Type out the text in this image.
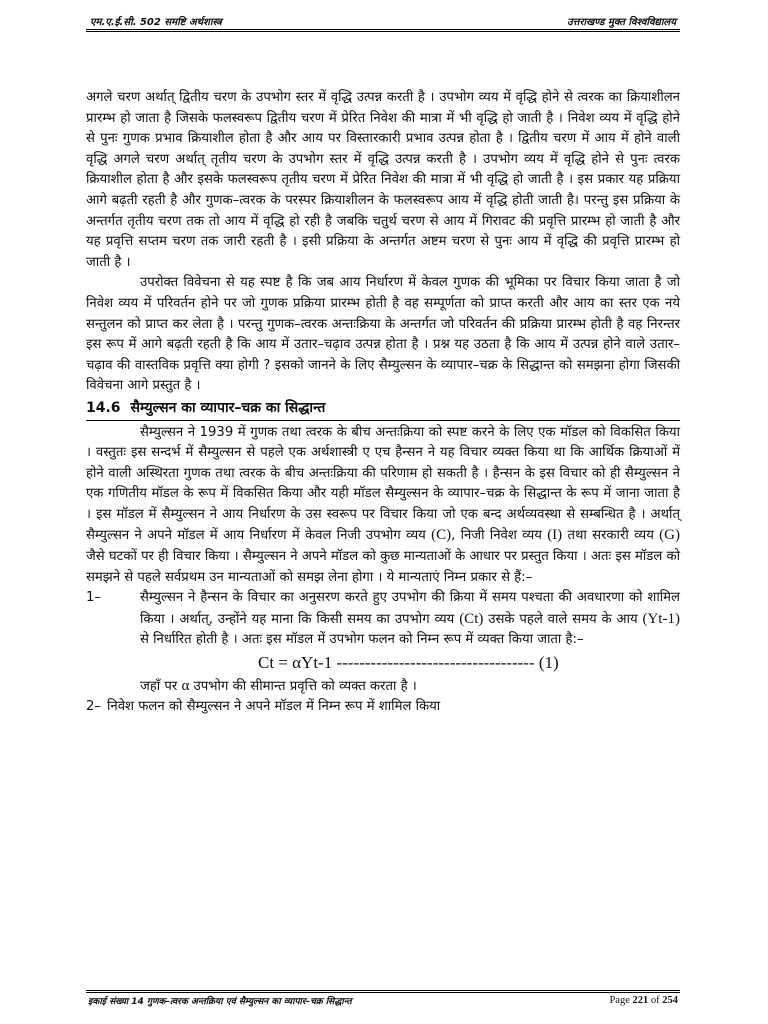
एम.ए.ई.सी. 502 समष्टि अर्थशास्त्र	उत्तराखण्ड मुक्त विश्वविद्यालय

अगले चरण अर्थात् द्वितीय चरण के उपभोग स्तर में वृद्धि उत्पन्न करती है । उपभोग व्यय में वृद्धि होने से त्वरक का क्रियाशीलन प्रारम्भ हो जाता है जिसके फलस्वरूप द्वितीय चरण में प्रेरित निवेश की मात्रा में भी वृद्धि हो जाती है । निवेश व्यय में वृद्धि होने से पुनः गुणक प्रभाव क्रियाशील होता है और आय पर विस्तारकारी प्रभाव उत्पन्न होता है । द्वितीय चरण में आय में होने वाली वृद्धि अगले चरण अर्थात् तृतीय चरण के उपभोग स्तर में वृद्धि उत्पन्न करती है । उपभोग व्यय में वृद्धि होने से पुनः त्वरक क्रियाशील होता है और इसके फलस्वरूप तृतीय चरण में प्रेरित निवेश की मात्रा में भी वृद्धि हो जाती है । इस प्रकार यह प्रक्रिया आगे बढ़ती रहती है और गुणक–त्वरक के परस्पर क्रियाशीलन के फलस्वरूप आय में वृद्धि होती जाती है। परन्तु इस प्रक्रिया के अन्तर्गत तृतीय चरण तक तो आय में वृद्धि हो रही है जबकि चतुर्थ चरण से आय में गिरावट की प्रवृत्ति प्रारम्भ हो जाती है और यह प्रवृत्ति सप्तम चरण तक जारी रहती है । इसी प्रक्रिया के अन्तर्गत अष्टम चरण से पुनः आय में वृद्धि की प्रवृत्ति प्रारम्भ हो जाती है ।

उपरोक्त विवेचना से यह स्पष्ट है कि जब आय निर्धारण में केवल गुणक की भूमिका पर विचार किया जाता है जो निवेश व्यय में परिवर्तन होने पर जो गुणक प्रक्रिया प्रारम्भ होती है वह सम्पूर्णता को प्राप्त करती और आय का स्तर एक नये सन्तुलन को प्राप्त कर लेता है । परन्तु गुणक–त्वरक अन्तःक्रिया के अन्तर्गत जो परिवर्तन की प्रक्रिया प्रारम्भ होती है वह निरन्तर इस रूप में आगे बढ़ती रहती है कि आय में उतार–चढ़ाव उत्पन्न होता है । प्रश्न यह उठता है कि आय में उत्पन्न होने वाले उतार–चढ़ाव की वास्तविक प्रवृत्ति क्या होगी ? इसको जानने के लिए सैम्युल्सन के व्यापार–चक्र के सिद्धान्त को समझना होगा जिसकी विवेचना आगे प्रस्तुत है ।

14.6 सैम्युल्सन का व्यापार–चक्र का सिद्धान्त

सैम्युल्सन ने 1939 में गुणक तथा त्वरक के बीच अन्तःक्रिया को स्पष्ट करने के लिए एक मॉडल को विकसित किया । वस्तुतः इस सन्दर्भ में सैम्युल्सन से पहले एक अर्थशास्त्री ए एच हैन्सन ने यह विचार व्यक्त किया था कि आर्थिक क्रियाओं में होने वाली अस्थिरता गुणक तथा त्वरक के बीच अन्तःक्रिया की परिणाम हो सकती है । हैन्सन के इस विचार को ही सैम्युल्सन ने एक गणितीय मॉडल के रूप में विकसित किया और यही मॉडल सैम्युल्सन के व्यापार–चक्र के सिद्धान्त के रूप में जाना जाता है । इस मॉडल में सैम्युल्सन ने आय निर्धारण के उस स्वरूप पर विचार किया जो एक बन्द अर्थव्यवस्था से सम्बन्धित है । अर्थात् सैम्युल्सन ने अपने मॉडल में आय निर्धारण में केवल निजी उपभोग व्यय (C), निजी निवेश व्यय (I) तथा सरकारी व्यय (G) जैसे घटकों पर ही विचार किया । सैम्युल्सन ने अपने मॉडल को कुछ मान्यताओं के आधार पर प्रस्तुत किया । अतः इस मॉडल को समझने से पहले सर्वप्रथम उन मान्यताओं को समझ लेना होगा । ये मान्यताएं निम्न प्रकार से हैं:–

1–	सैम्युल्सन ने हैन्सन के विचार का अनुसरण करते हुए उपभोग की क्रिया में समय पश्चता की अवधारणा को शामिल किया । अर्थात्, उन्होंने यह माना कि किसी समय का उपभोग व्यय (Ct) उसके पहले वाले समय के आय (Yt-1) से निर्धारित होती है । अतः इस मॉडल में उपभोग फलन को निम्न रूप में व्यक्त किया जाता है:–
Ct = αYt-1 ----------------------------------- (1)

जहाँ पर α उपभोग की सीमान्त प्रवृत्ति को व्यक्त करता है ।

2– निवेश फलन को सैम्युल्सन ने अपने मॉडल में निम्न रूप में शामिल किया
इकाई संख्या 14 गुणक–त्वरक अन्तक्रिया एवं सैम्युल्सन का व्यापार–चक्र सिद्धान्त	Page 221 of 254
